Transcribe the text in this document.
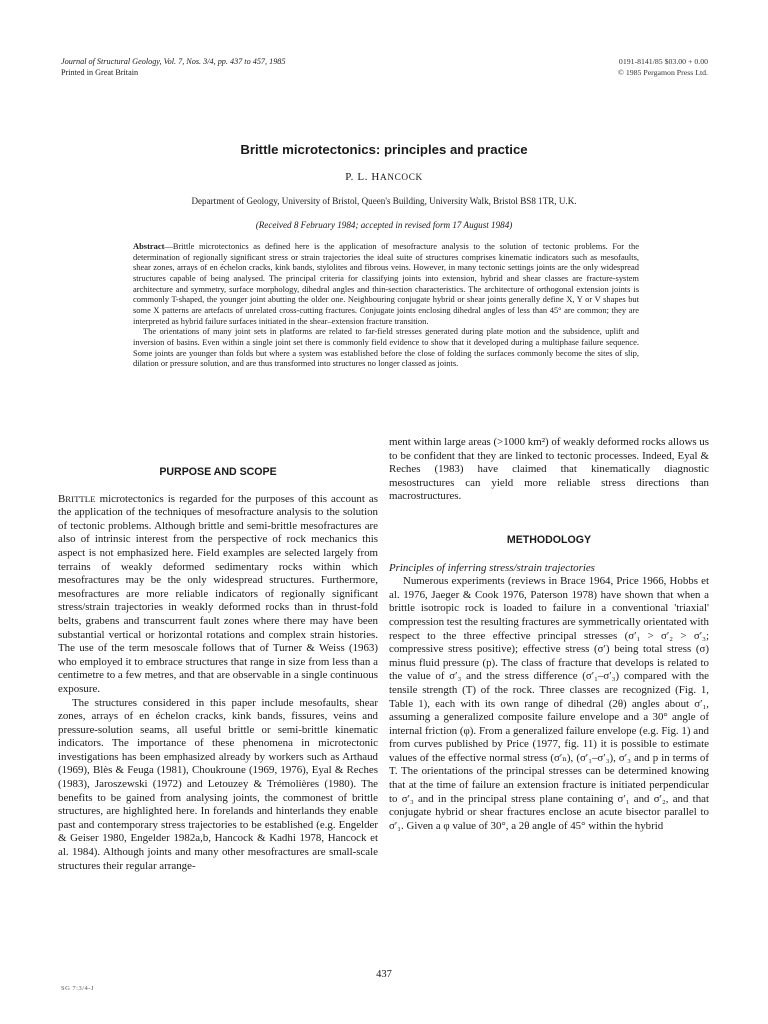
Journal of Structural Geology, Vol. 7, Nos. 3/4, pp. 437 to 457, 1985
Printed in Great Britain
0191-8141/85 $03.00 + 0.00
© 1985 Pergamon Press Ltd.
Brittle microtectonics: principles and practice
P. L. HANCOCK
Department of Geology, University of Bristol, Queen's Building, University Walk, Bristol BS8 1TR, U.K.
(Received 8 February 1984; accepted in revised form 17 August 1984)

Abstract—Brittle microtectonics as defined here is the application of mesofracture analysis to the solution of tectonic problems. For the determination of regionally significant stress or strain trajectories the ideal suite of structures comprises kinematic indicators such as mesofaults, shear zones, arrays of en échelon cracks, kink bands, stylolites and fibrous veins. However, in many tectonic settings joints are the only widespread structures capable of being analysed. The principal criteria for classifying joints into extension, hybrid and shear classes are fracture-system architecture and symmetry, surface morphology, dihedral angles and thin-section characteristics. The architecture of orthogonal extension joints is commonly T-shaped, the younger joint abutting the older one. Neighbouring conjugate hybrid or shear joints generally define X, Y or V shapes but some X patterns are artefacts of unrelated cross-cutting fractures. Conjugate joints enclosing dihedral angles of less than 45° are common; they are interpreted as hybrid failure surfaces initiated in the shear–extension fracture transition.

The orientations of many joint sets in platforms are related to far-field stresses generated during plate motion and the subsidence, uplift and inversion of basins. Even within a single joint set there is commonly field evidence to show that it developed during a multiphase failure sequence. Some joints are younger than folds but where a system was established before the close of folding the surfaces commonly become the sites of slip, dilation or pressure solution, and are thus transformed into structures no longer classed as joints.

PURPOSE AND SCOPE

BRITTLE microtectonics is regarded for the purposes of this account as the application of the techniques of mesofracture analysis to the solution of tectonic problems. Although brittle and semi-brittle mesofractures are also of intrinsic interest from the perspective of rock mechanics this aspect is not emphasized here. Field examples are selected largely from terrains of weakly deformed sedimentary rocks within which mesofractures may be the only widespread structures. Furthermore, mesofractures are more reliable indicators of regionally significant stress/strain trajectories in weakly deformed rocks than in thrust-fold belts, grabens and transcurrent fault zones where there may have been substantial vertical or horizontal rotations and complex strain histories. The use of the term mesoscale follows that of Turner & Weiss (1963) who employed it to embrace structures that range in size from less than a centimetre to a few metres, and that are observable in a single continuous exposure.

The structures considered in this paper include mesofaults, shear zones, arrays of en échelon cracks, kink bands, fissures, veins and pressure-solution seams, all useful brittle or semi-brittle kinematic indicators. The importance of these phenomena in microtectonic investigations has been emphasized already by workers such as Arthaud (1969), Blès & Feuga (1981), Choukroune (1969, 1976), Eyal & Reches (1983), Jaroszewski (1972) and Letouzey & Trémolières (1980). The benefits to be gained from analysing joints, the commonest of brittle structures, are highlighted here. In forelands and hinterlands they enable past and contemporary stress trajectories to be established (e.g. Engelder & Geiser 1980, Engelder 1982a,b, Hancock & Kadhi 1978, Hancock et al. 1984). Although joints and many other mesofractures are small-scale structures their regular arrange-

ment within large areas (>1000 km²) of weakly deformed rocks allows us to be confident that they are linked to tectonic processes. Indeed, Eyal & Reches (1983) have claimed that kinematically diagnostic mesostructures can yield more reliable stress directions than macrostructures.

METHODOLOGY

Principles of inferring stress/strain trajectories

Numerous experiments (reviews in Brace 1964, Price 1966, Hobbs et al. 1976, Jaeger & Cook 1976, Paterson 1978) have shown that when a brittle isotropic rock is loaded to failure in a conventional 'triaxial' compression test the resulting fractures are symmetrically orientated with respect to the three effective principal stresses (σ′₁ > σ′₂ > σ′₃; compressive stress positive); effective stress (σ′) being total stress (σ) minus fluid pressure (p). The class of fracture that develops is related to the value of σ′₃ and the stress difference (σ′₁–σ′₃) compared with the tensile strength (T) of the rock. Three classes are recognized (Fig. 1, Table 1), each with its own range of dihedral (2θ) angles about σ′₁, assuming a generalized composite failure envelope and a 30° angle of internal friction (φ). From a generalized failure envelope (e.g. Fig. 1) and from curves published by Price (1977, fig. 11) it is possible to estimate values of the effective normal stress (σ′ₙ), (σ′₁–σ′₃), σ′₃ and p in terms of T. The orientations of the principal stresses can be determined knowing that at the time of failure an extension fracture is initiated perpendicular to σ′₃ and in the principal stress plane containing σ′₁ and σ′₂, and that conjugate hybrid or shear fractures enclose an acute bisector parallel to σ′₁. Given a φ value of 30°, a 2θ angle of 45° within the hybrid

437
SG 7:3/4-J
